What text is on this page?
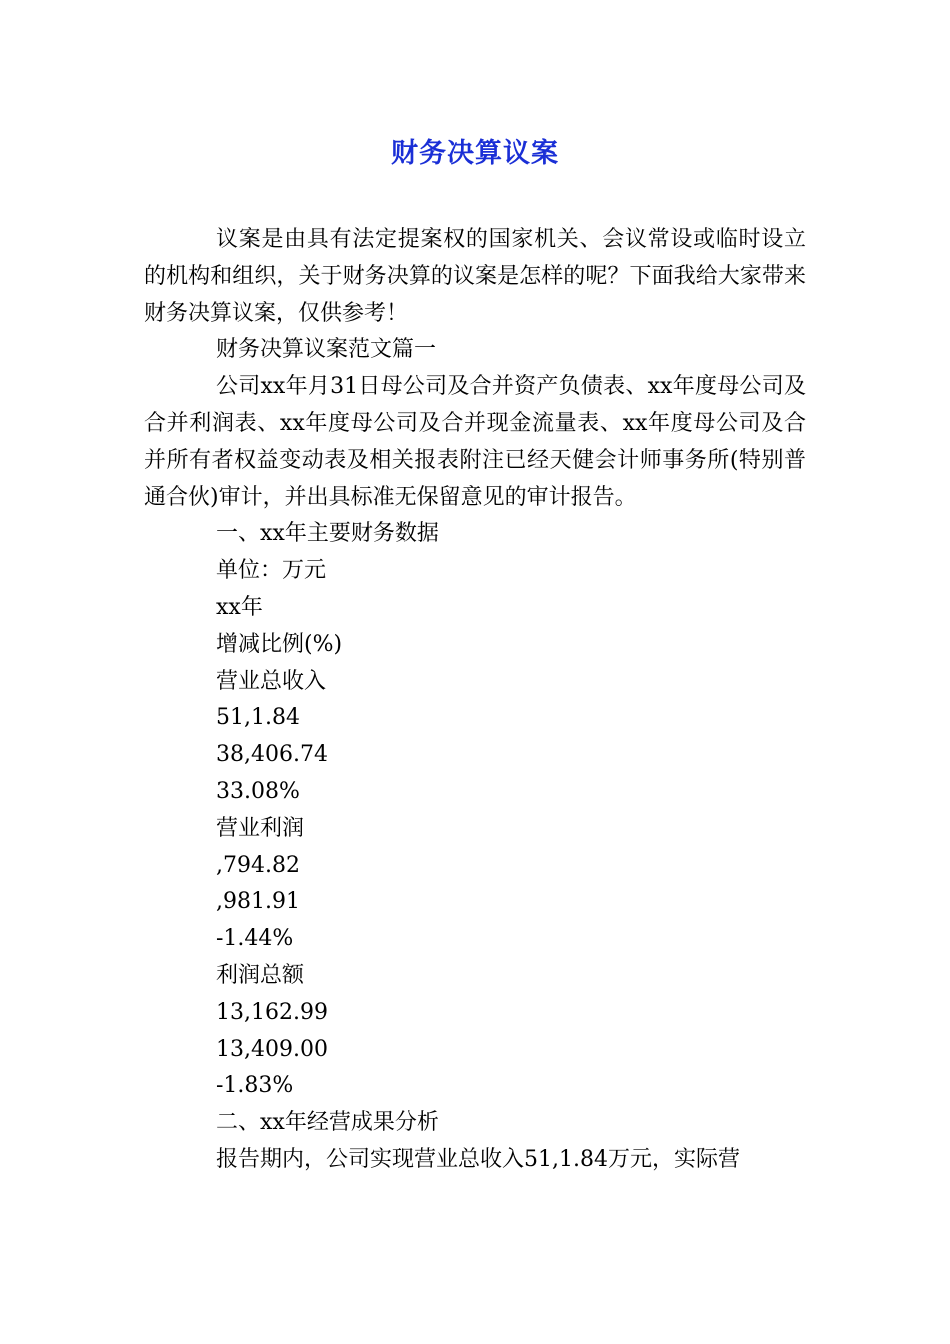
财务决算议案

议案是由具有法定提案权的国家机关、会议常设或临时设立的机构和组织，关于财务决算的议案是怎样的呢？下面我给大家带来财务决算议案，仅供参考！

财务决算议案范文篇一

公司xx年月31日母公司及合并资产负债表、xx年度母公司及合并利润表、xx年度母公司及合并现金流量表、xx年度母公司及合并所有者权益变动表及相关报表附注已经天健会计师事务所(特别普通合伙)审计，并出具标准无保留意见的审计报告。

一、xx年主要财务数据

单位：万元

xx年

增减比例(%)

营业总收入

51,1.84

38,406.74

33.08%

营业利润

,794.82

,981.91

-1.44%

利润总额

13,162.99

13,409.00

-1.83%

二、xx年经营成果分析

报告期内，公司实现营业总收入51,1.84万元，实际营
